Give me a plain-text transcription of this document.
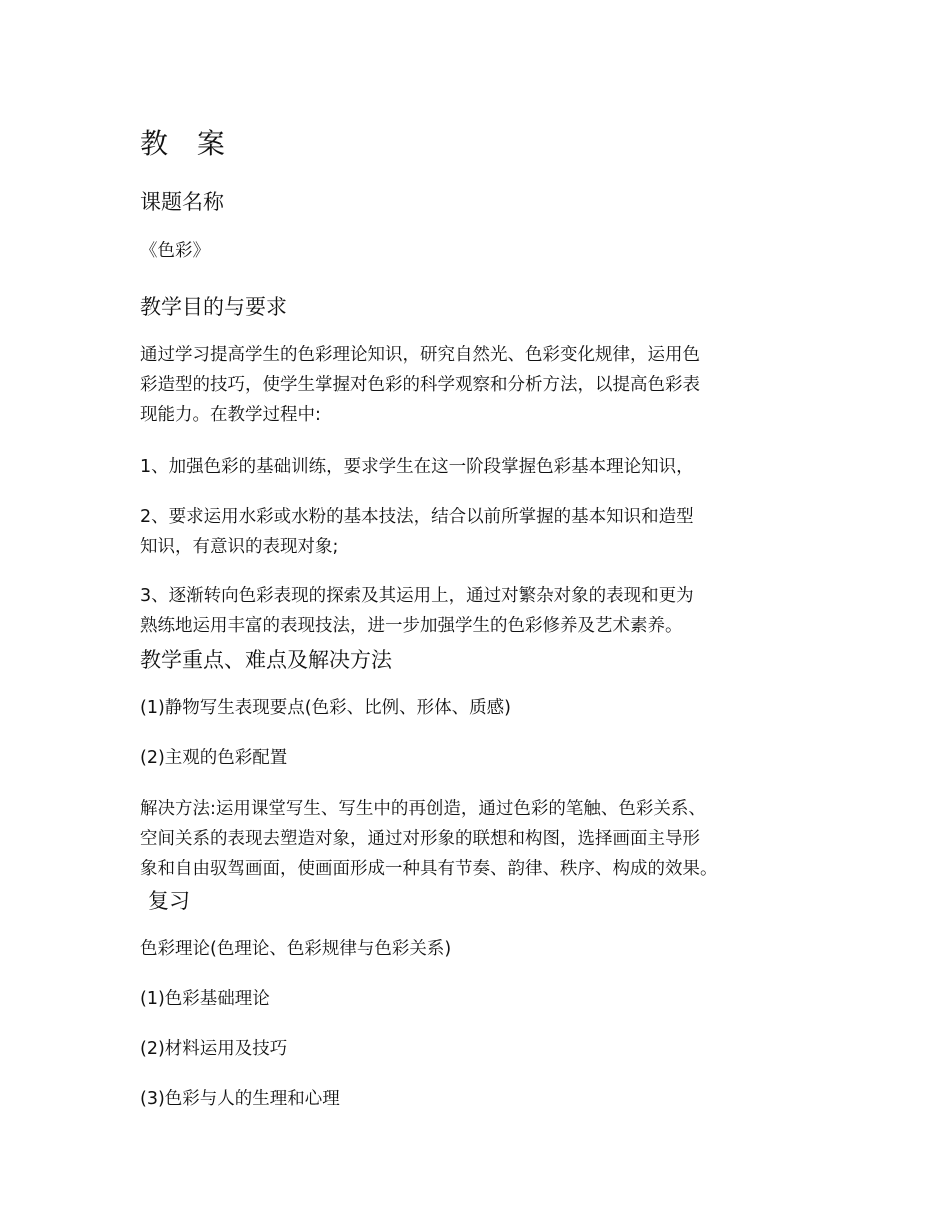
教 案
课题名称

《色彩》

教学目的与要求

通过学习提高学生的色彩理论知识，研究自然光、色彩变化规律，运用色
彩造型的技巧，使学生掌握对色彩的科学观察和分析方法，以提高色彩表
现能力。在教学过程中:

1、加强色彩的基础训练，要求学生在这一阶段掌握色彩基本理论知识，

2、要求运用水彩或水粉的基本技法，结合以前所掌握的基本知识和造型
知识，有意识的表现对象;

3、逐渐转向色彩表现的探索及其运用上，通过对繁杂对象的表现和更为
熟练地运用丰富的表现技法，进一步加强学生的色彩修养及艺术素养。

教学重点、难点及解决方法

(1)静物写生表现要点(色彩、比例、形体、质感)

(2)主观的色彩配置

解决方法:运用课堂写生、写生中的再创造，通过色彩的笔触、色彩关系、
空间关系的表现去塑造对象，通过对形象的联想和构图，选择画面主导形
象和自由驭驾画面，使画面形成一种具有节奏、韵律、秩序、构成的效果。

复习

色彩理论(色理论、色彩规律与色彩关系)

(1)色彩基础理论

(2)材料运用及技巧

(3)色彩与人的生理和心理
